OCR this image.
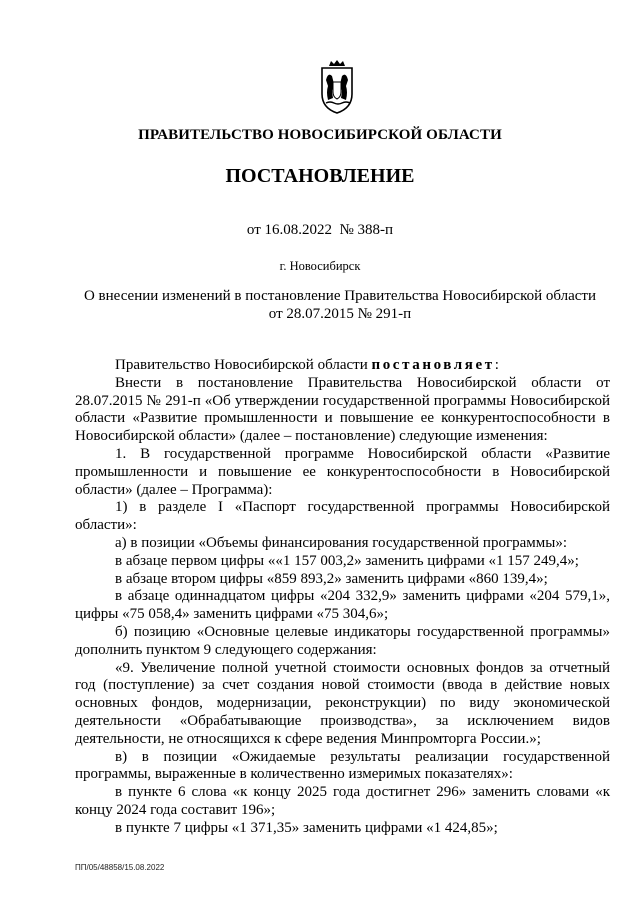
ПРАВИТЕЛЬСТВО НОВОСИБИРСКОЙ ОБЛАСТИ
ПОСТАНОВЛЕНИЕ
от 16.08.2022  № 388-п
г. Новосибирск
О внесении изменений в постановление Правительства Новосибирской области
от 28.07.2015 № 291-п

Правительство Новосибирской области постановляет:

Внести в постановление Правительства Новосибирской области от 28.07.2015 № 291-п «Об утверждении государственной программы Новосибирской области «Развитие промышленности и повышение ее конкурентоспособности в Новосибирской области» (далее – постановление) следующие изменения:

1. В государственной программе Новосибирской области «Развитие промышленности и повышение ее конкурентоспособности в Новосибирской области» (далее – Программа):

1) в разделе I «Паспорт государственной программы Новосибирской области»:

а) в позиции «Объемы финансирования государственной программы»:

в абзаце первом цифры ««1 157 003,2» заменить цифрами «1 157 249,4»;

в абзаце втором цифры «859 893,2» заменить цифрами «860 139,4»;

в абзаце одиннадцатом цифры «204 332,9» заменить цифрами «204 579,1», цифры «75 058,4» заменить цифрами «75 304,6»;

б) позицию «Основные целевые индикаторы государственной программы» дополнить пунктом 9 следующего содержания:

«9. Увеличение полной учетной стоимости основных фондов за отчетный год (поступление) за счет создания новой стоимости (ввода в действие новых основных фондов, модернизации, реконструкции) по виду экономической деятельности «Обрабатывающие производства», за исключением видов деятельности, не относящихся к сфере ведения Минпромторга России.»;

в) в позиции «Ожидаемые результаты реализации государственной программы, выраженные в количественно измеримых показателях»:

в пункте 6 слова «к концу 2025 года достигнет 296» заменить словами «к концу 2024 года составит 196»;

в пункте 7 цифры «1 371,35» заменить цифрами «1 424,85»;

ПП/05/48858/15.08.2022
